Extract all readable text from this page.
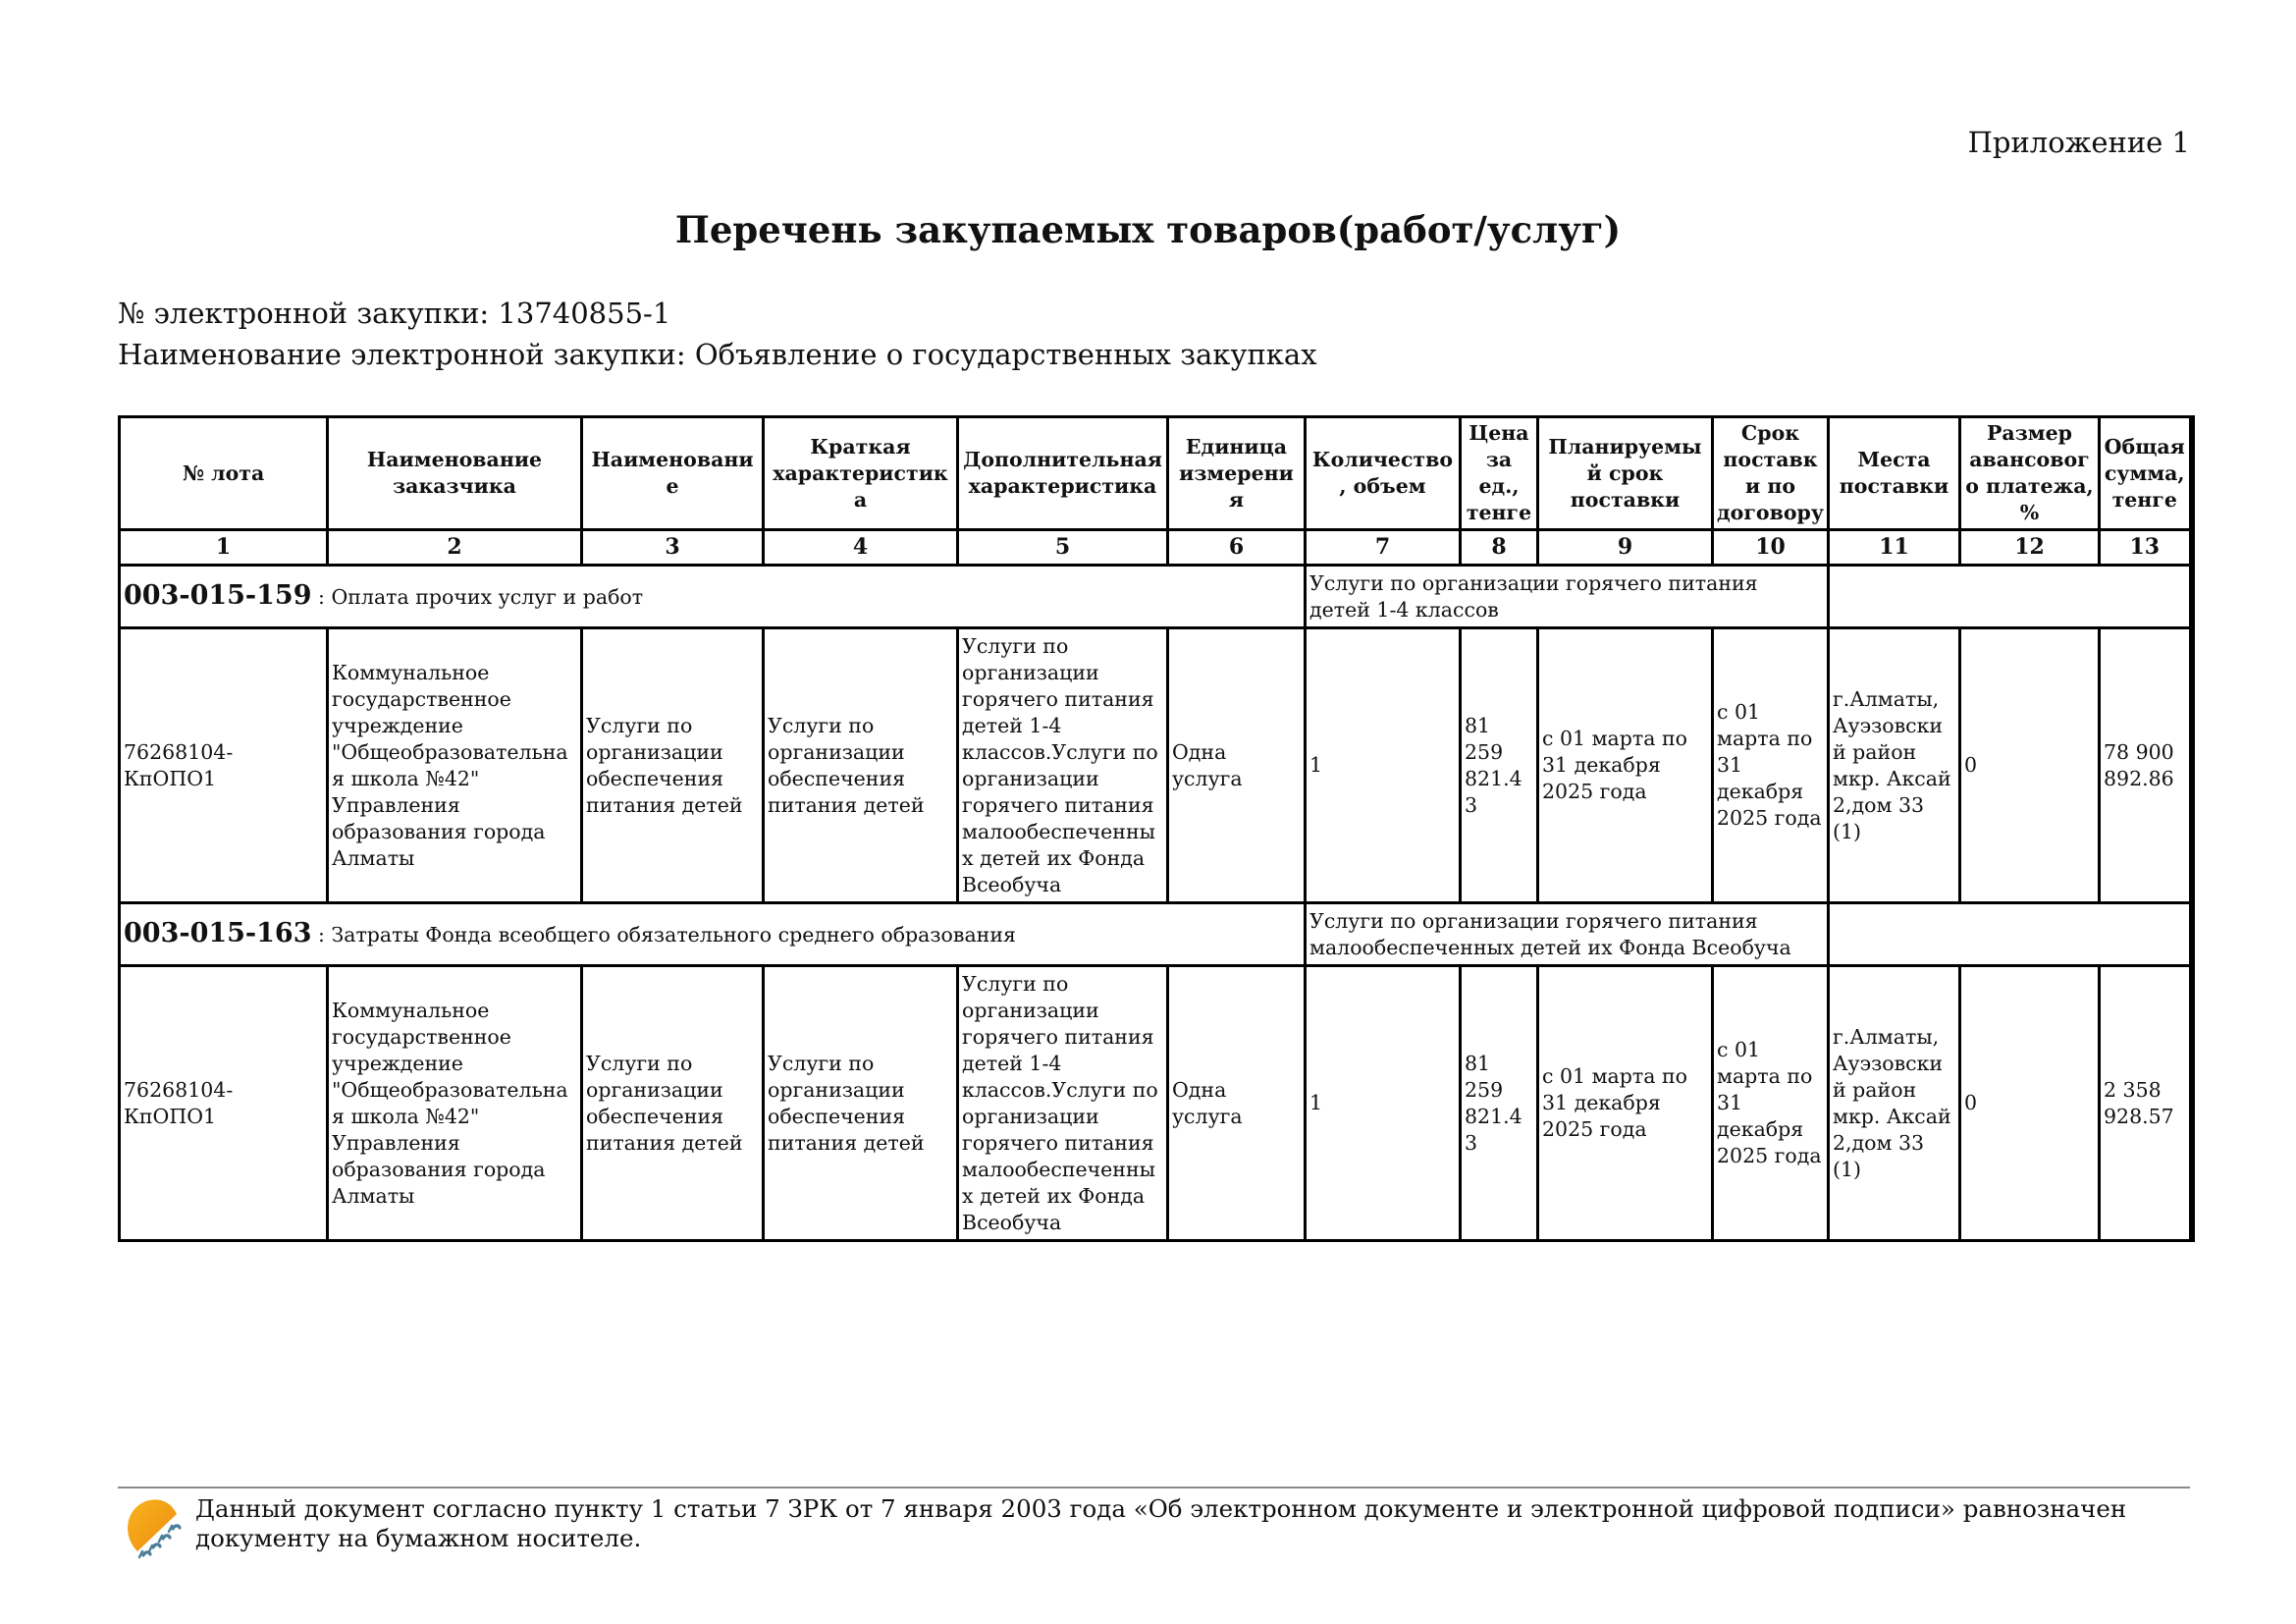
Приложение 1
Перечень закупаемых товаров(работ/услуг)
№ электронной закупки: 13740855-1
Наименование электронной закупки: Объявление о государственных закупках
№ лота	Наименование заказчика	Наименование	Краткая характеристика	Дополнительная характеристика	Единица измерения	Количество, объем	Цена за ед., тенге	Планируемый срок поставки	Срок поставки по договору	Места поставки	Размер авансового платежа, %	Общая сумма, тенге
1	2	3	4	5	6	7	8	9	10	11	12	13
003-015-159 : Оплата прочих услуг и работ						Услуги по организации горячего питания детей 1-4 классов						
76268104-КпОПО1	Коммунальное государственное учреждение "Общеобразовательная школа №42" Управления образования города Алматы	Услуги по организации обеспечения питания детей	Услуги по организации обеспечения питания детей	Услуги по организации горячего питания детей 1-4 классов.Услуги по организации горячего питания малообеспеченных детей их Фонда Всеобуча	Одна услуга	1	81 259 821.43	с 01 марта по 31 декабря 2025 года	с 01 марта по 31 декабря 2025 года	г.Алматы, Ауэзовский район мкр. Аксай 2,дом 33 (1)	0	78 900 892.86
003-015-163 : Затраты Фонда всеобщего обязательного среднего образования						Услуги по организации горячего питания малообеспеченных детей их Фонда Всеобуча						
76268104-КпОПО1	Коммунальное государственное учреждение "Общеобразовательная школа №42" Управления образования города Алматы	Услуги по организации обеспечения питания детей	Услуги по организации обеспечения питания детей	Услуги по организации горячего питания детей 1-4 классов.Услуги по организации горячего питания малообеспеченных детей их Фонда Всеобуча	Одна услуга	1	81 259 821.43	с 01 марта по 31 декабря 2025 года	с 01 марта по 31 декабря 2025 года	г.Алматы, Ауэзовский район мкр. Аксай 2,дом 33 (1)	0	2 358 928.57
Данный документ согласно пункту 1 статьи 7 ЗРК от 7 января 2003 года «Об электронном документе и электронной цифровой подписи» равнозначен документу на бумажном носителе.
